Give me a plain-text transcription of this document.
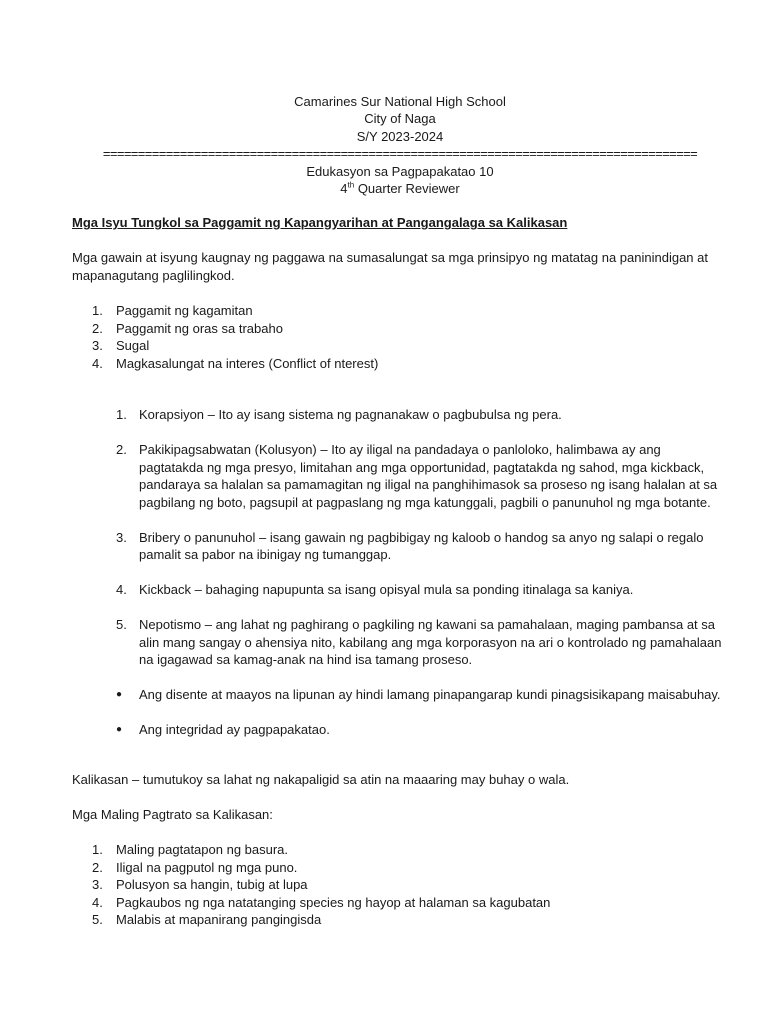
Camarines Sur National High School
City of Naga
S/Y 2023-2024
=====================================================================================
Edukasyon sa Pagpapakatao 10
4th Quarter Reviewer
Mga Isyu Tungkol sa Paggamit ng Kapangyarihan at Pangangalaga sa Kalikasan
Mga gawain at isyung kaugnay ng paggawa na sumasalungat sa mga prinsipyo ng matatag na paninindigan at mapanagutang paglilingkod.
1. Paggamit ng kagamitan
2. Paggamit ng oras sa trabaho
3. Sugal
4. Magkasalungat na interes (Conflict of nterest)
1. Korapsiyon – Ito ay isang sistema ng pagnanakaw o pagbubulsa ng pera.
2. Pakikipagsabwatan (Kolusyon) – Ito ay iligal na pandadaya o panloloko, halimbawa ay ang pagtatakda ng mga presyo, limitahan ang mga opportunidad, pagtatakda ng sahod, mga kickback, pandaraya sa halalan sa pamamagitan ng iligal na panghihimasok sa proseso ng isang halalan at sa pagbilang ng boto, pagsupil at pagpaslang ng mga katunggali, pagbili o panunuhol ng mga botante.
3. Bribery o panunuhol – isang gawain ng pagbibigay ng kaloob o handog sa anyo ng salapi o regalo pamalit sa pabor na ibinigay ng tumanggap.
4. Kickback – bahaging napupunta sa isang opisyal mula sa ponding itinalaga sa kaniya.
5. Nepotismo – ang lahat ng paghirang o pagkiling ng kawani sa pamahalaan, maging pambansa at sa alin mang sangay o ahensiya nito, kabilang ang mga korporasyon na ari o kontrolado ng pamahalaan na igagawad sa kamag-anak na hind isa tamang proseso.
● Ang disente at maayos na lipunan ay hindi lamang pinapangarap kundi pinagsisikapang maisabuhay.
● Ang integridad ay pagpapakatao.
Kalikasan – tumutukoy sa lahat ng nakapaligid sa atin na maaaring may buhay o wala.
Mga Maling Pagtrato sa Kalikasan:
1. Maling pagtatapon ng basura.
2. Iligal na pagputol ng mga puno.
3. Polusyon sa hangin, tubig at lupa
4. Pagkaubos ng nga natatanging species ng hayop at halaman sa kagubatan
5. Malabis at mapanirang pangingisda
